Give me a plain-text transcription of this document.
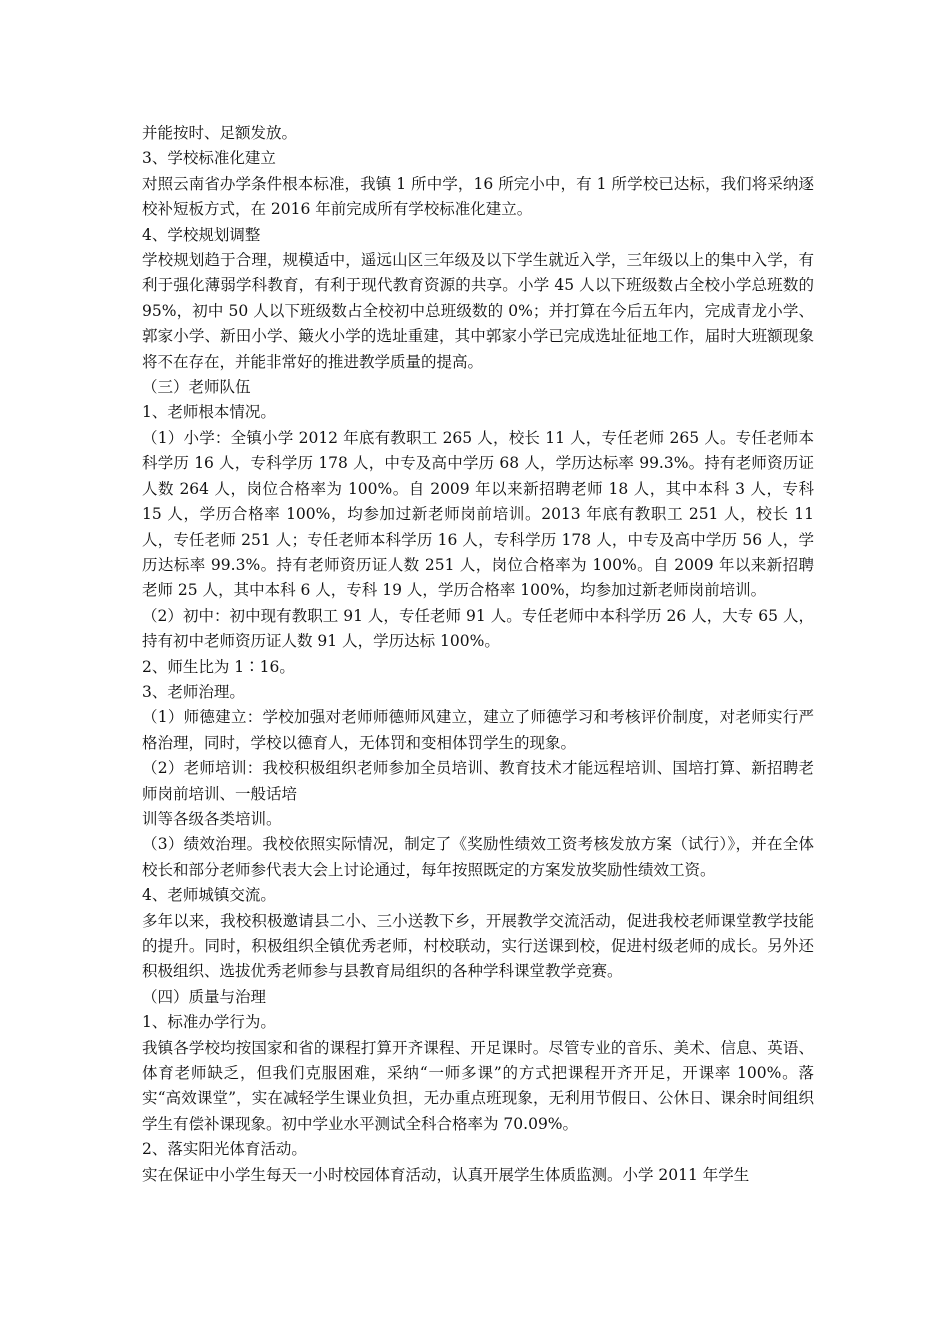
并能按时、足额发放。

3、学校标准化建立

对照云南省办学条件根本标准，我镇 1 所中学，16 所完小中，有 1 所学校已达标，我们将采纳逐校补短板方式，在 2016 年前完成所有学校标准化建立。

4、学校规划调整

学校规划趋于合理，规模适中，遥远山区三年级及以下学生就近入学，三年级以上的集中入学，有利于强化薄弱学科教育，有利于现代教育资源的共享。小学 45 人以下班级数占全校小学总班数的 95%，初中 50 人以下班级数占全校初中总班级数的 0%；并打算在今后五年内，完成青龙小学、郭家小学、新田小学、簸火小学的选址重建，其中郭家小学已完成选址征地工作，届时大班额现象将不在存在，并能非常好的推进教学质量的提高。

（三）老师队伍

1、老师根本情况。

（1）小学：全镇小学 2012 年底有教职工 265 人，校长 11 人，专任老师 265 人。专任老师本科学历 16 人，专科学历 178 人，中专及高中学历 68 人，学历达标率 99.3%。持有老师资历证人数 264 人，岗位合格率为 100%。自 2009 年以来新招聘老师 18 人，其中本科 3 人，专科 15 人，学历合格率 100%，均参加过新老师岗前培训。2013 年底有教职工 251 人，校长 11 人，专任老师 251 人；专任老师本科学历 16 人，专科学历 178 人，中专及高中学历 56 人，学历达标率 99.3%。持有老师资历证人数 251 人，岗位合格率为 100%。自 2009 年以来新招聘老师 25 人，其中本科 6 人，专科 19 人，学历合格率 100%，均参加过新老师岗前培训。

（2）初中：初中现有教职工 91 人，专任老师 91 人。专任老师中本科学历 26 人，大专 65 人，持有初中老师资历证人数 91 人，学历达标 100%。

2、师生比为 1∶16。

3、老师治理。

（1）师德建立：学校加强对老师师德师风建立，建立了师德学习和考核评价制度，对老师实行严格治理，同时，学校以德育人，无体罚和变相体罚学生的现象。

（2）老师培训：我校积极组织老师参加全员培训、教育技术才能远程培训、国培打算、新招聘老师岗前培训、一般话培

训等各级各类培训。

（3）绩效治理。我校依照实际情况，制定了《奖励性绩效工资考核发放方案（试行）》，并在全体校长和部分老师参代表大会上讨论通过，每年按照既定的方案发放奖励性绩效工资。

4、老师城镇交流。

多年以来，我校积极邀请县二小、三小送教下乡，开展教学交流活动，促进我校老师课堂教学技能的提升。同时，积极组织全镇优秀老师，村校联动，实行送课到校，促进村级老师的成长。另外还积极组织、选拔优秀老师参与县教育局组织的各种学科课堂教学竞赛。

（四）质量与治理

1、标准办学行为。

我镇各学校均按国家和省的课程打算开齐课程、开足课时。尽管专业的音乐、美术、信息、英语、体育老师缺乏，但我们克服困难，采纳“一师多课”的方式把课程开齐开足，开课率 100%。落实“高效课堂”，实在减轻学生课业负担，无办重点班现象，无利用节假日、公休日、课余时间组织学生有偿补课现象。初中学业水平测试全科合格率为 70.09%。

2、落实阳光体育活动。

实在保证中小学生每天一小时校园体育活动，认真开展学生体质监测。小学 2011 年学生
